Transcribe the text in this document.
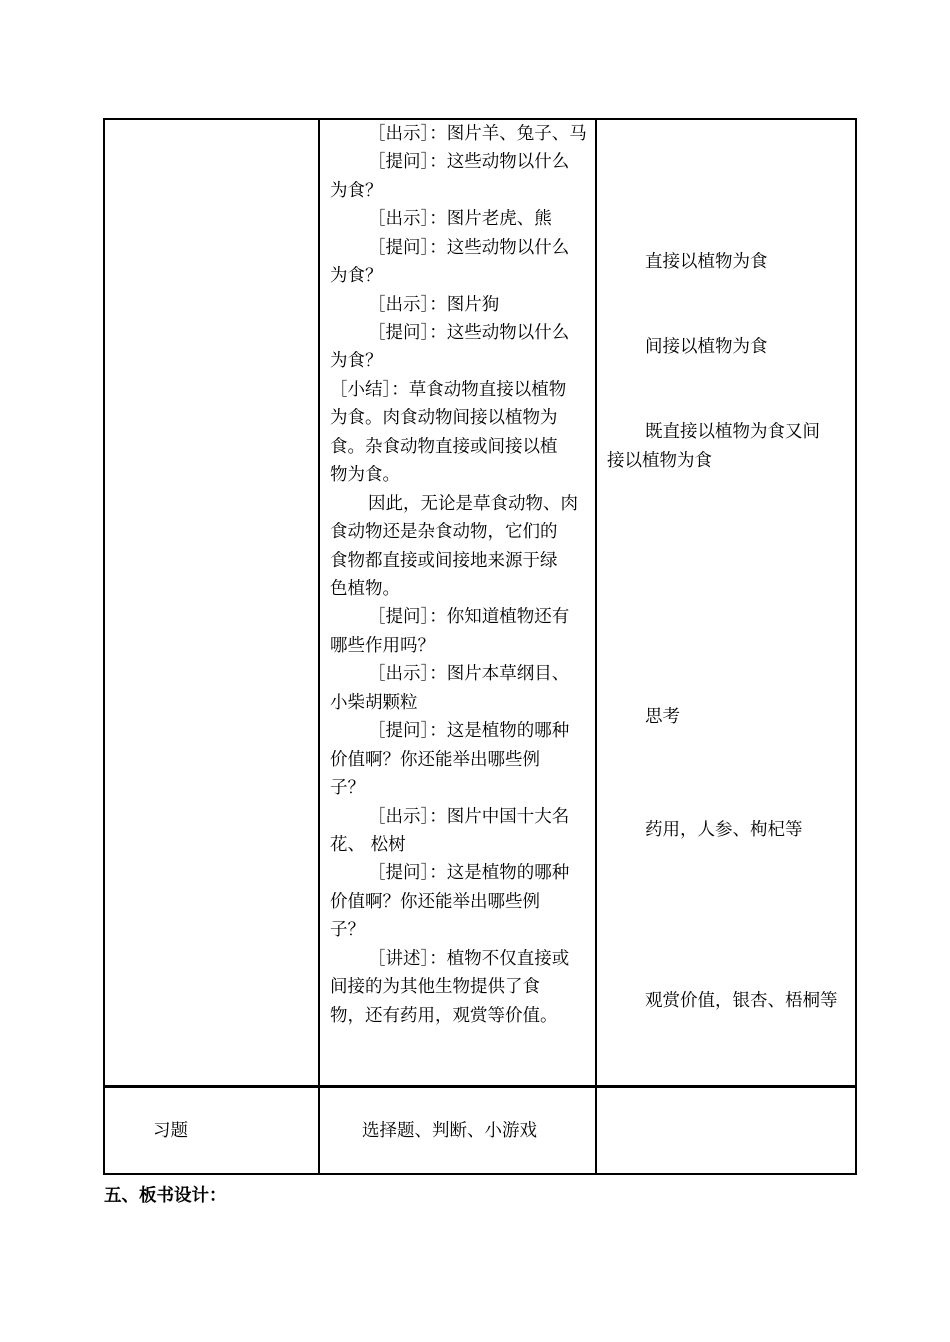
［出示］：图片羊、兔子、马
［提问］：这些动物以什么
为食？
［出示］：图片老虎、熊
［提问］：这些动物以什么
为食？
［出示］：图片狗
［提问］：这些动物以什么
为食？
［小结］：草食动物直接以植物
为食。肉食动物间接以植物为
食。杂食动物直接或间接以植
物为食。
因此，无论是草食动物、肉
食动物还是杂食动物，它们的
食物都直接或间接地来源于绿
色植物。
［提问］：你知道植物还有
哪些作用吗？
［出示］：图片本草纲目、
小柴胡颗粒
［提问］：这是植物的哪种
价值啊？你还能举出哪些例
子？
［出示］：图片中国十大名
花、 松树
［提问］：这是植物的哪种
价值啊？你还能举出哪些例
子？
［讲述］：植物不仅直接或
间接的为其他生物提供了食
物，还有药用，观赏等价值。
直接以植物为食
间接以植物为食
既直接以植物为食又间
接以植物为食
思考
药用，人参、枸杞等
观赏价值，银杏、梧桐等
习题	选择题、判断、小游戏
五、板书设计：
